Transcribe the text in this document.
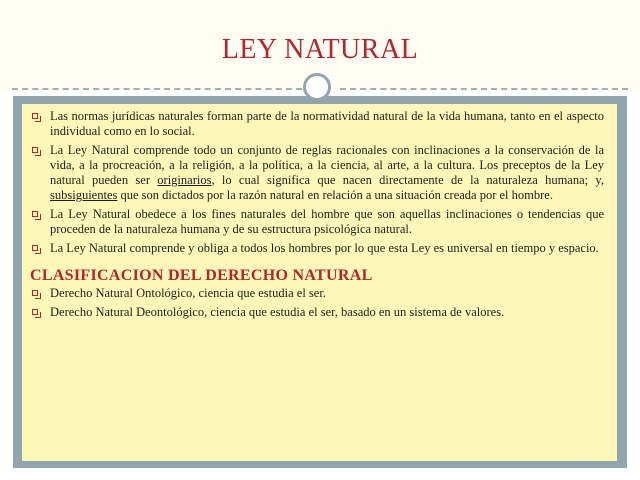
LEY NATURAL
Las normas jurídicas naturales forman parte de la normatividad natural de la vida humana, tanto en el aspecto individual como en lo social.
La Ley Natural comprende todo un conjunto de reglas racionales con inclinaciones a la conservación de la vida, a la procreación, a la religión, a la política, a la ciencia, al arte, a la cultura. Los preceptos de la Ley natural pueden ser originarios, lo cual significa que nacen directamente de la naturaleza humana; y, subsiguientes que son dictados por la razón natural en relación a una situación creada por el hombre.
La Ley Natural obedece a los fines naturales del hombre que son aquellas inclinaciones o tendencias que proceden de la naturaleza humana y de su estructura psicológica natural.
La Ley Natural comprende y obliga a todos los hombres por lo que esta Ley es universal en tiempo y espacio.
CLASIFICACION DEL DERECHO NATURAL
Derecho Natural Ontológico, ciencia que estudia el ser.
Derecho Natural Deontológico, ciencia que estudia el ser, basado en un sistema de valores.
